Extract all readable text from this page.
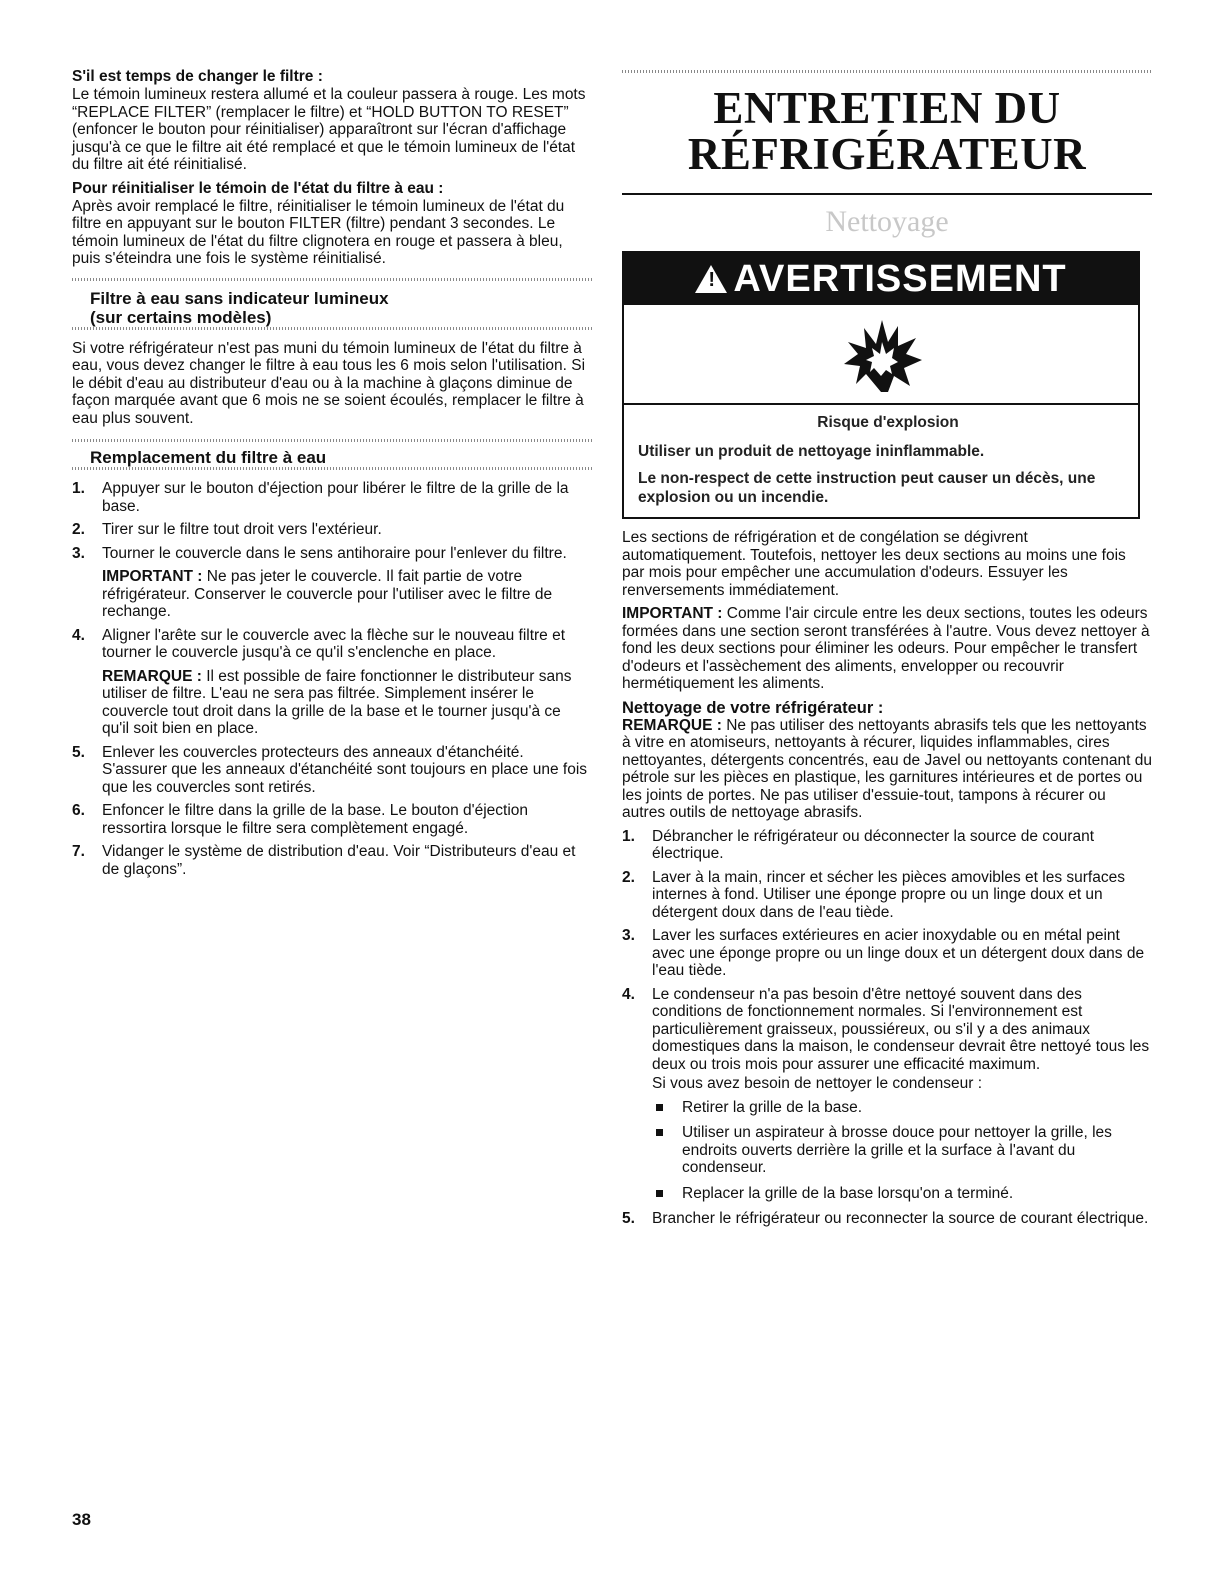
S'il est temps de changer le filtre :

Le témoin lumineux restera allumé et la couleur passera à rouge. Les mots “REPLACE FILTER” (remplacer le filtre) et “HOLD BUTTON TO RESET” (enfoncer le bouton pour réinitialiser) apparaîtront sur l'écran d'affichage jusqu'à ce que le filtre ait été remplacé et que le témoin lumineux de l'état du filtre ait été réinitialisé.

Pour réinitialiser le témoin de l'état du filtre à eau :

Après avoir remplacé le filtre, réinitialiser le témoin lumineux de l'état du filtre en appuyant sur le bouton FILTER (filtre) pendant 3 secondes. Le témoin lumineux de l'état du filtre clignotera en rouge et passera à bleu, puis s'éteindra une fois le système réinitialisé.

Filtre à eau sans indicateur lumineux
(sur certains modèles)

Si votre réfrigérateur n'est pas muni du témoin lumineux de l'état du filtre à eau, vous devez changer le filtre à eau tous les 6 mois selon l'utilisation. Si le débit d'eau au distributeur d'eau ou à la machine à glaçons diminue de façon marquée avant que 6 mois ne se soient écoulés, remplacer le filtre à eau plus souvent.

Remplacement du filtre à eau
1. Appuyer sur le bouton d'éjection pour libérer le filtre de la grille de la base.
2. Tirer sur le filtre tout droit vers l'extérieur.
3. Tourner le couvercle dans le sens antihoraire pour l'enlever du filtre.

IMPORTANT : Ne pas jeter le couvercle. Il fait partie de votre réfrigérateur. Conserver le couvercle pour l'utiliser avec le filtre de rechange.

4. Aligner l'arête sur le couvercle avec la flèche sur le nouveau filtre et tourner le couvercle jusqu'à ce qu'il s'enclenche en place.

REMARQUE : Il est possible de faire fonctionner le distributeur sans utiliser de filtre. L'eau ne sera pas filtrée. Simplement insérer le couvercle tout droit dans la grille de la base et le tourner jusqu'à ce qu'il soit bien en place.

5. Enlever les couvercles protecteurs des anneaux d'étanchéité. S'assurer que les anneaux d'étanchéité sont toujours en place une fois que les couvercles sont retirés.
6. Enfoncer le filtre dans la grille de la base. Le bouton d'éjection ressortira lorsque le filtre sera complètement engagé.
7. Vidanger le système de distribution d'eau. Voir “Distributeurs d'eau et de glaçons”.
ENTRETIEN DU
RÉFRIGÉRATEUR
Nettoyage
! AVERTISSEMENT

Risque d'explosion

Utiliser un produit de nettoyage ininflammable.

Le non-respect de cette instruction peut causer un décès, une explosion ou un incendie.

Les sections de réfrigération et de congélation se dégivrent automatiquement. Toutefois, nettoyer les deux sections au moins une fois par mois pour empêcher une accumulation d'odeurs. Essuyer les renversements immédiatement.

IMPORTANT : Comme l'air circule entre les deux sections, toutes les odeurs formées dans une section seront transférées à l'autre. Vous devez nettoyer à fond les deux sections pour éliminer les odeurs. Pour empêcher le transfert d'odeurs et l'assèchement des aliments, envelopper ou recouvrir hermétiquement les aliments.

Nettoyage de votre réfrigérateur :

REMARQUE : Ne pas utiliser des nettoyants abrasifs tels que les nettoyants à vitre en atomiseurs, nettoyants à récurer, liquides inflammables, cires nettoyantes, détergents concentrés, eau de Javel ou nettoyants contenant du pétrole sur les pièces en plastique, les garnitures intérieures et de portes ou les joints de portes. Ne pas utiliser d'essuie-tout, tampons à récurer ou autres outils de nettoyage abrasifs.

1. Débrancher le réfrigérateur ou déconnecter la source de courant électrique.
2. Laver à la main, rincer et sécher les pièces amovibles et les surfaces internes à fond. Utiliser une éponge propre ou un linge doux et un détergent doux dans de l'eau tiède.
3. Laver les surfaces extérieures en acier inoxydable ou en métal peint avec une éponge propre ou un linge doux et un détergent doux dans de l'eau tiède.
4. Le condenseur n'a pas besoin d'être nettoyé souvent dans des conditions de fonctionnement normales. Si l'environnement est particulièrement graisseux, poussiéreux, ou s'il y a des animaux domestiques dans la maison, le condenseur devrait être nettoyé tous les deux ou trois mois pour assurer une efficacité maximum.

Si vous avez besoin de nettoyer le condenseur :

Retirer la grille de la base.
Utiliser un aspirateur à brosse douce pour nettoyer la grille, les endroits ouverts derrière la grille et la surface à l'avant du condenseur.
Replacer la grille de la base lorsqu'on a terminé.
5. Brancher le réfrigérateur ou reconnecter la source de courant électrique.
38
